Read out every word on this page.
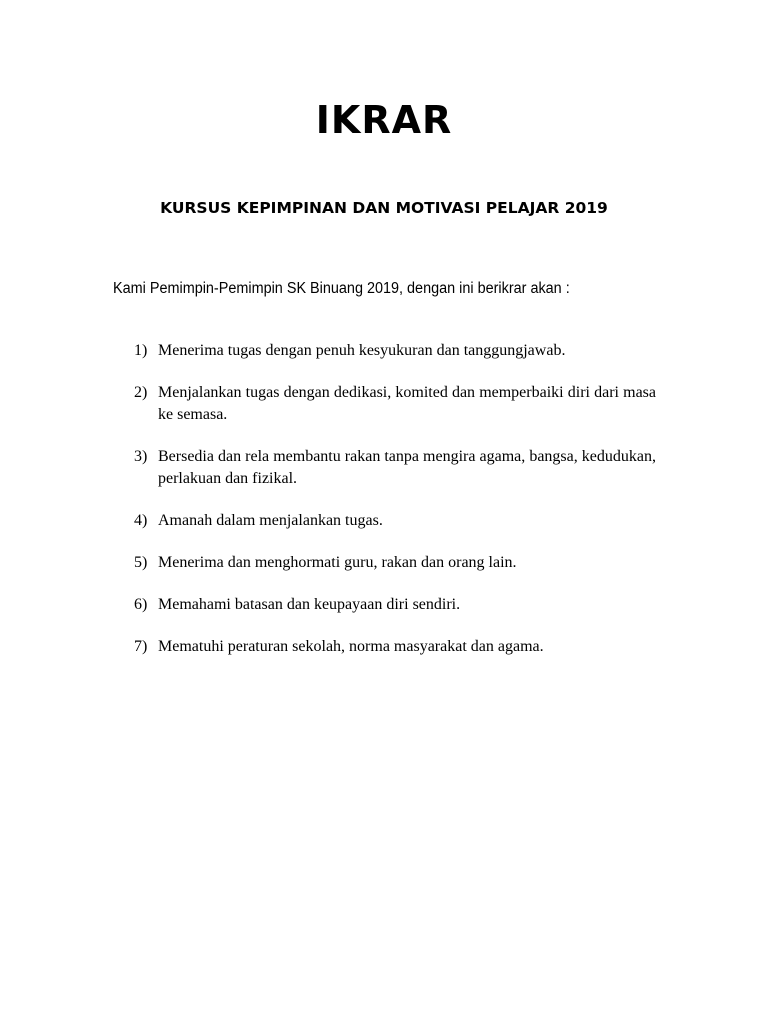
IKRAR
KURSUS KEPIMPINAN DAN MOTIVASI PELAJAR 2019

Kami Pemimpin-Pemimpin SK Binuang 2019, dengan ini berikrar akan :

1) Menerima tugas dengan penuh kesyukuran dan tanggungjawab.
2) Menjalankan tugas dengan dedikasi, komited dan memperbaiki diri dari masa ke semasa.
3) Bersedia dan rela membantu rakan tanpa mengira agama, bangsa, kedudukan, perlakuan dan fizikal.
4) Amanah dalam menjalankan tugas.
5) Menerima dan menghormati guru, rakan dan orang lain.
6) Memahami batasan dan keupayaan diri sendiri.
7) Mematuhi peraturan sekolah, norma masyarakat dan agama.
